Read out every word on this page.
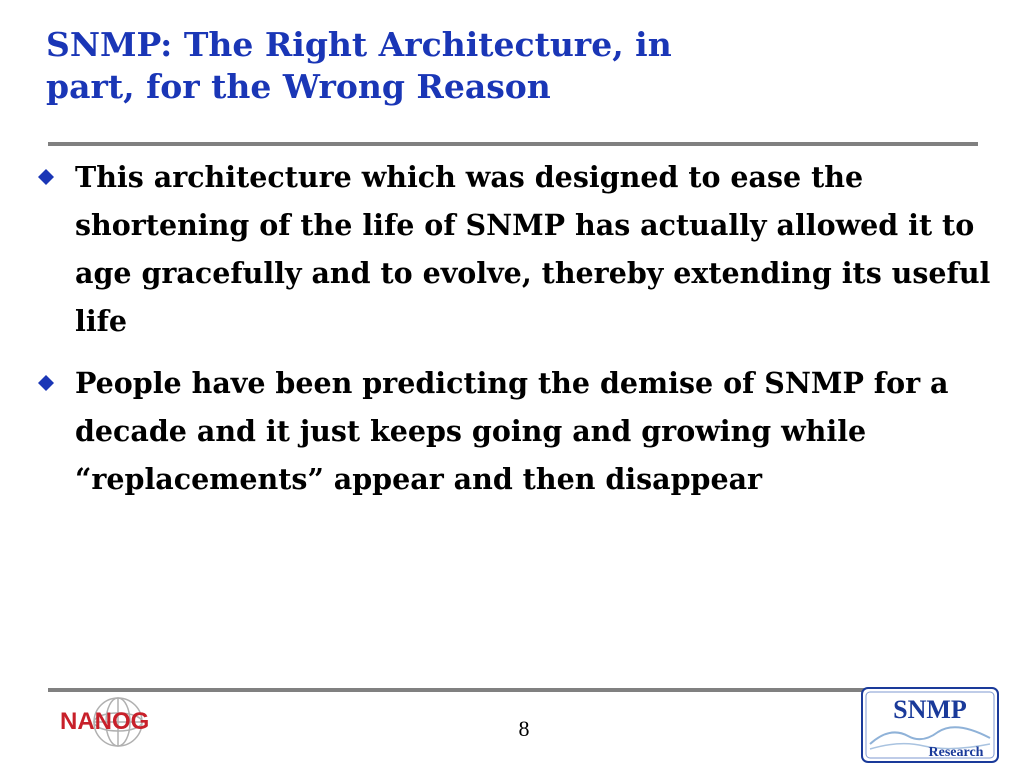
SNMP: The Right Architecture, in
part, for the Wrong Reason
This architecture which was designed to ease the shortening of the life of SNMP has actually allowed it to age gracefully and to evolve, thereby extending its useful life
People have been predicting the demise of SNMP for a decade and it just keeps going and growing while “replacements” appear and then disappear
NANOG	8
SNMP
Research
